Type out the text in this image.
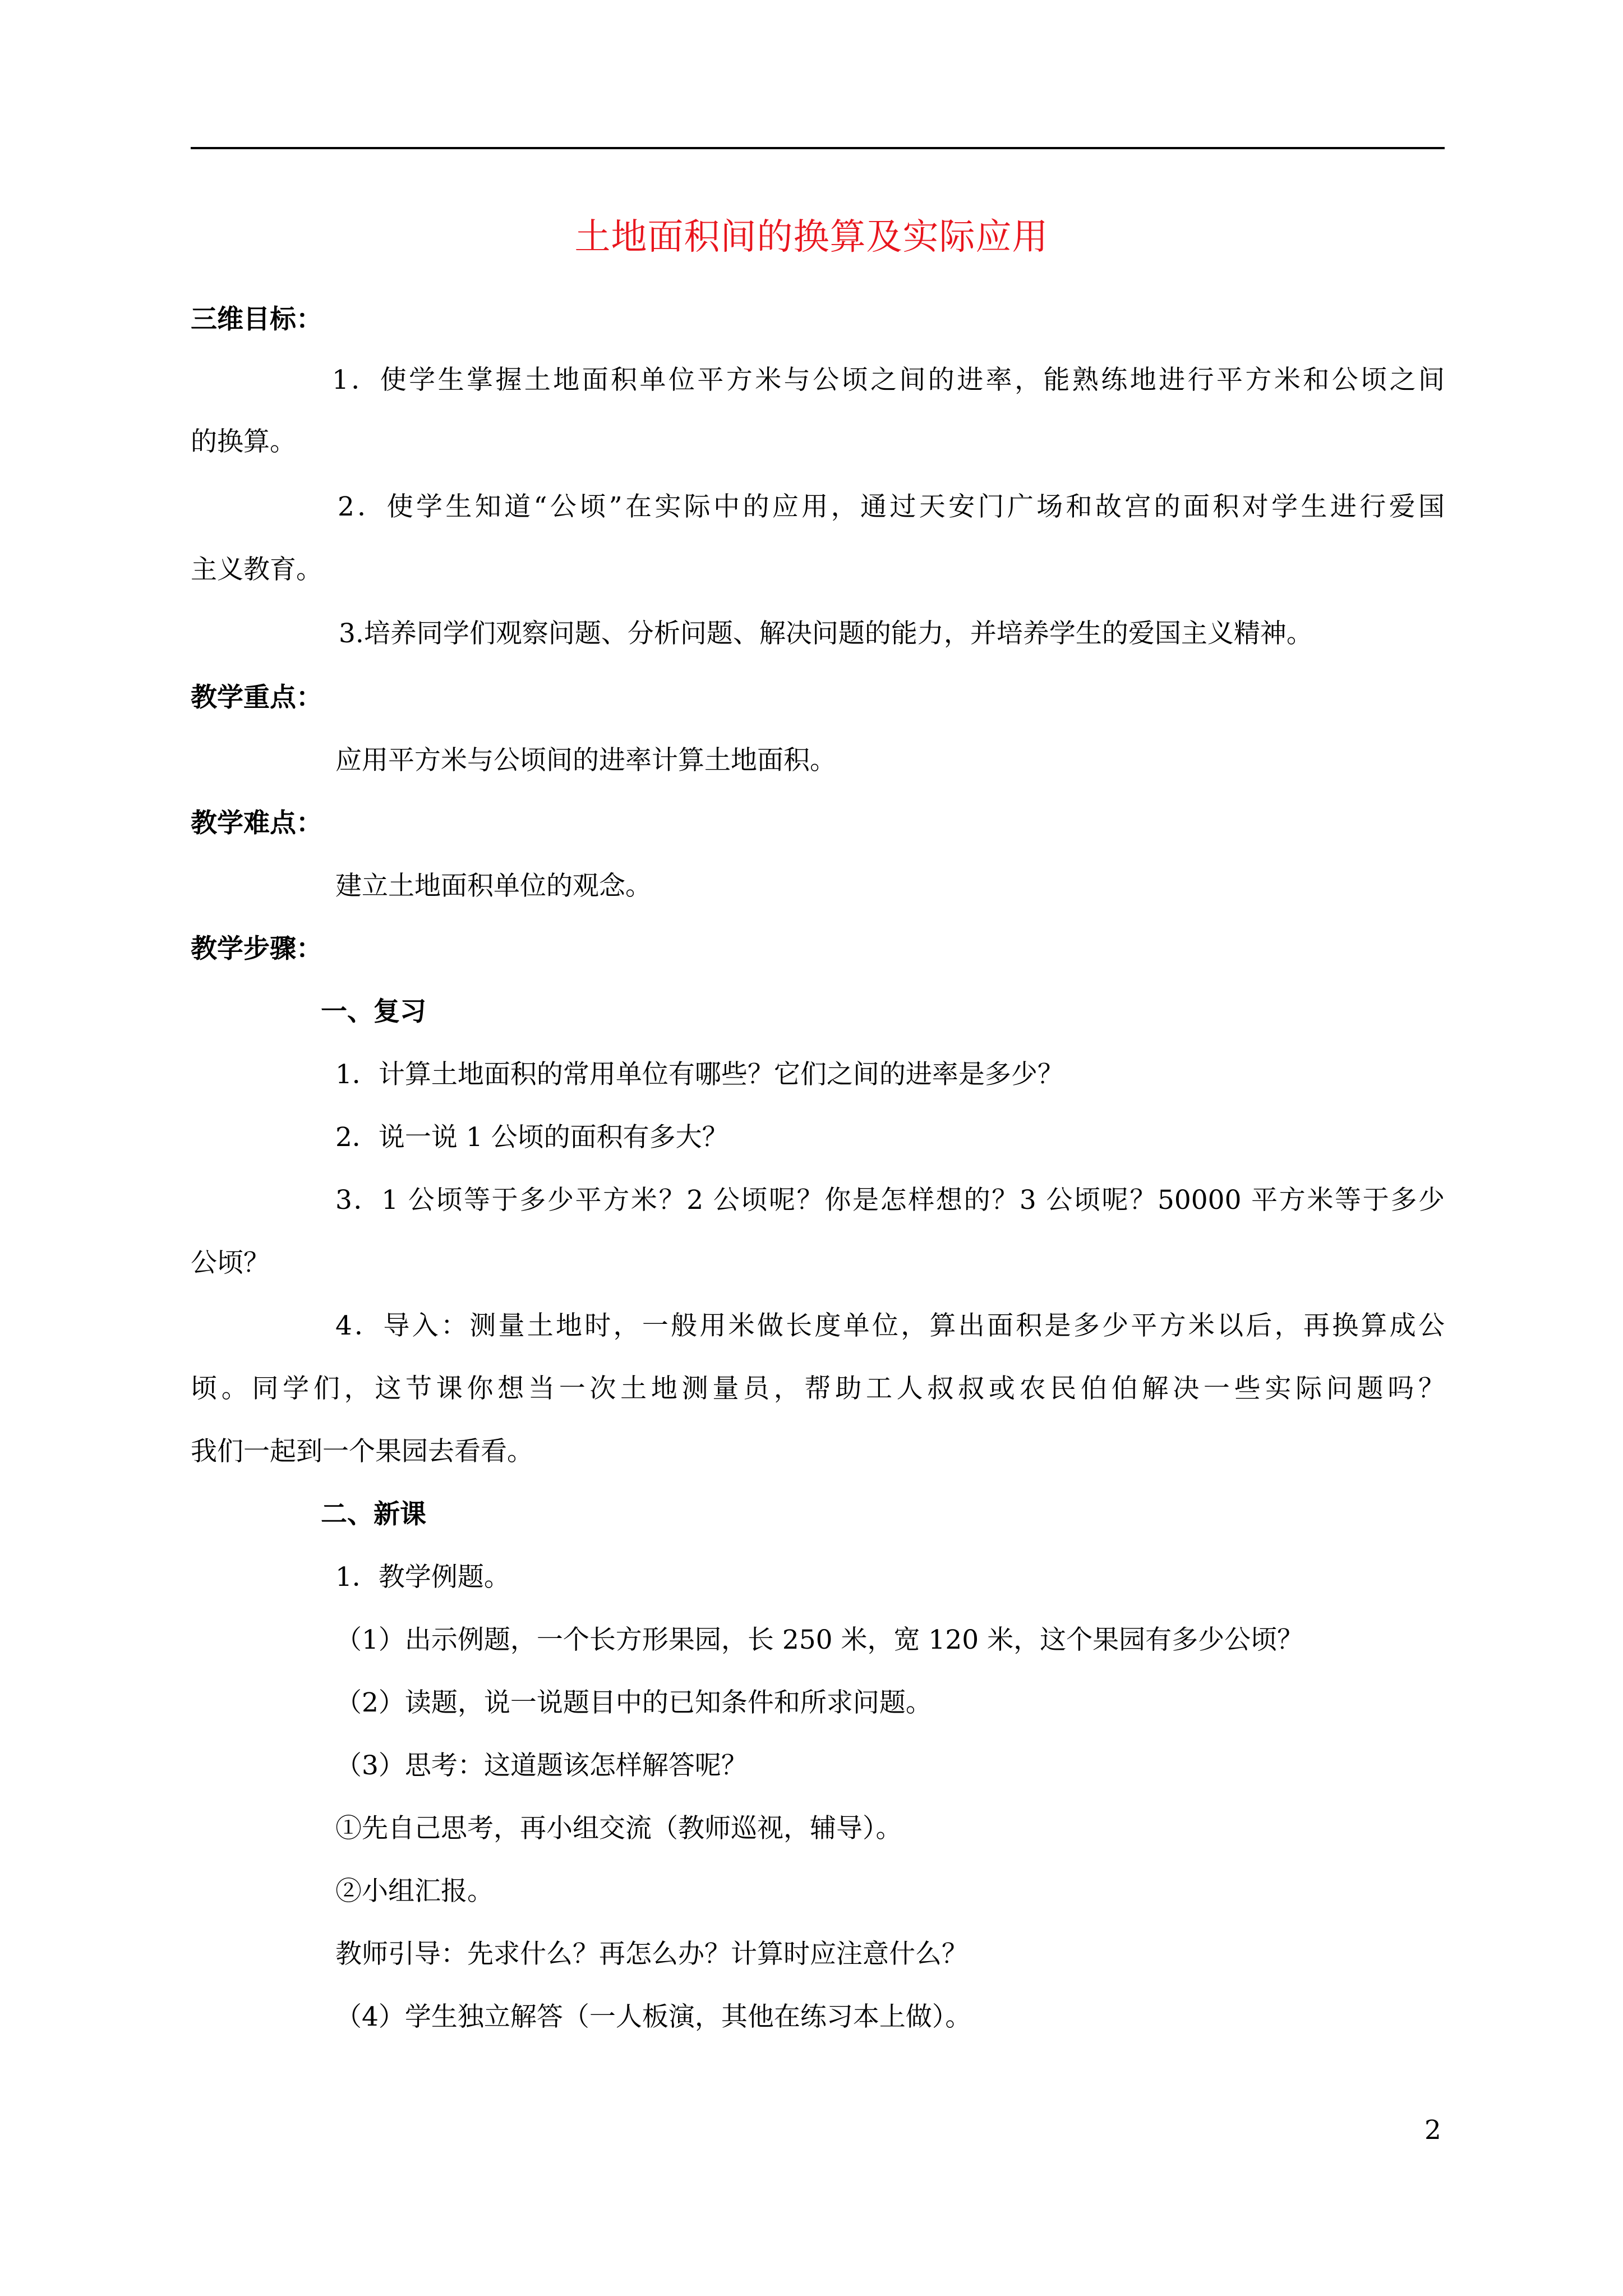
土地面积间的换算及实际应用
三维目标：
1．使学生掌握土地面积单位平方米与公顷之间的进率，能熟练地进行平方米和公顷之间
的换算。
2．使学生知道“公顷”在实际中的应用，通过天安门广场和故宫的面积对学生进行爱国
主义教育。
3.培养同学们观察问题、分析问题、解决问题的能力，并培养学生的爱国主义精神。
教学重点：
应用平方米与公顷间的进率计算土地面积。
教学难点：
建立土地面积单位的观念。
教学步骤：
一、复习
1．计算土地面积的常用单位有哪些？它们之间的进率是多少？
2．说一说 1 公顷的面积有多大？
3．1 公顷等于多少平方米？2 公顷呢？你是怎样想的？3 公顷呢？50000 平方米等于多少
公顷？
4．导入：测量土地时，一般用米做长度单位，算出面积是多少平方米以后，再换算成公
顷。同学们，这节课你想当一次土地测量员，帮助工人叔叔或农民伯伯解决一些实际问题吗？
我们一起到一个果园去看看。
二、新课
1．教学例题。
（1）出示例题，一个长方形果园，长 250 米，宽 120 米，这个果园有多少公顷？
（2）读题，说一说题目中的已知条件和所求问题。
（3）思考：这道题该怎样解答呢？
①先自己思考，再小组交流（教师巡视，辅导）。
②小组汇报。
教师引导：先求什么？再怎么办？计算时应注意什么？
（4）学生独立解答（一人板演，其他在练习本上做）。
2
